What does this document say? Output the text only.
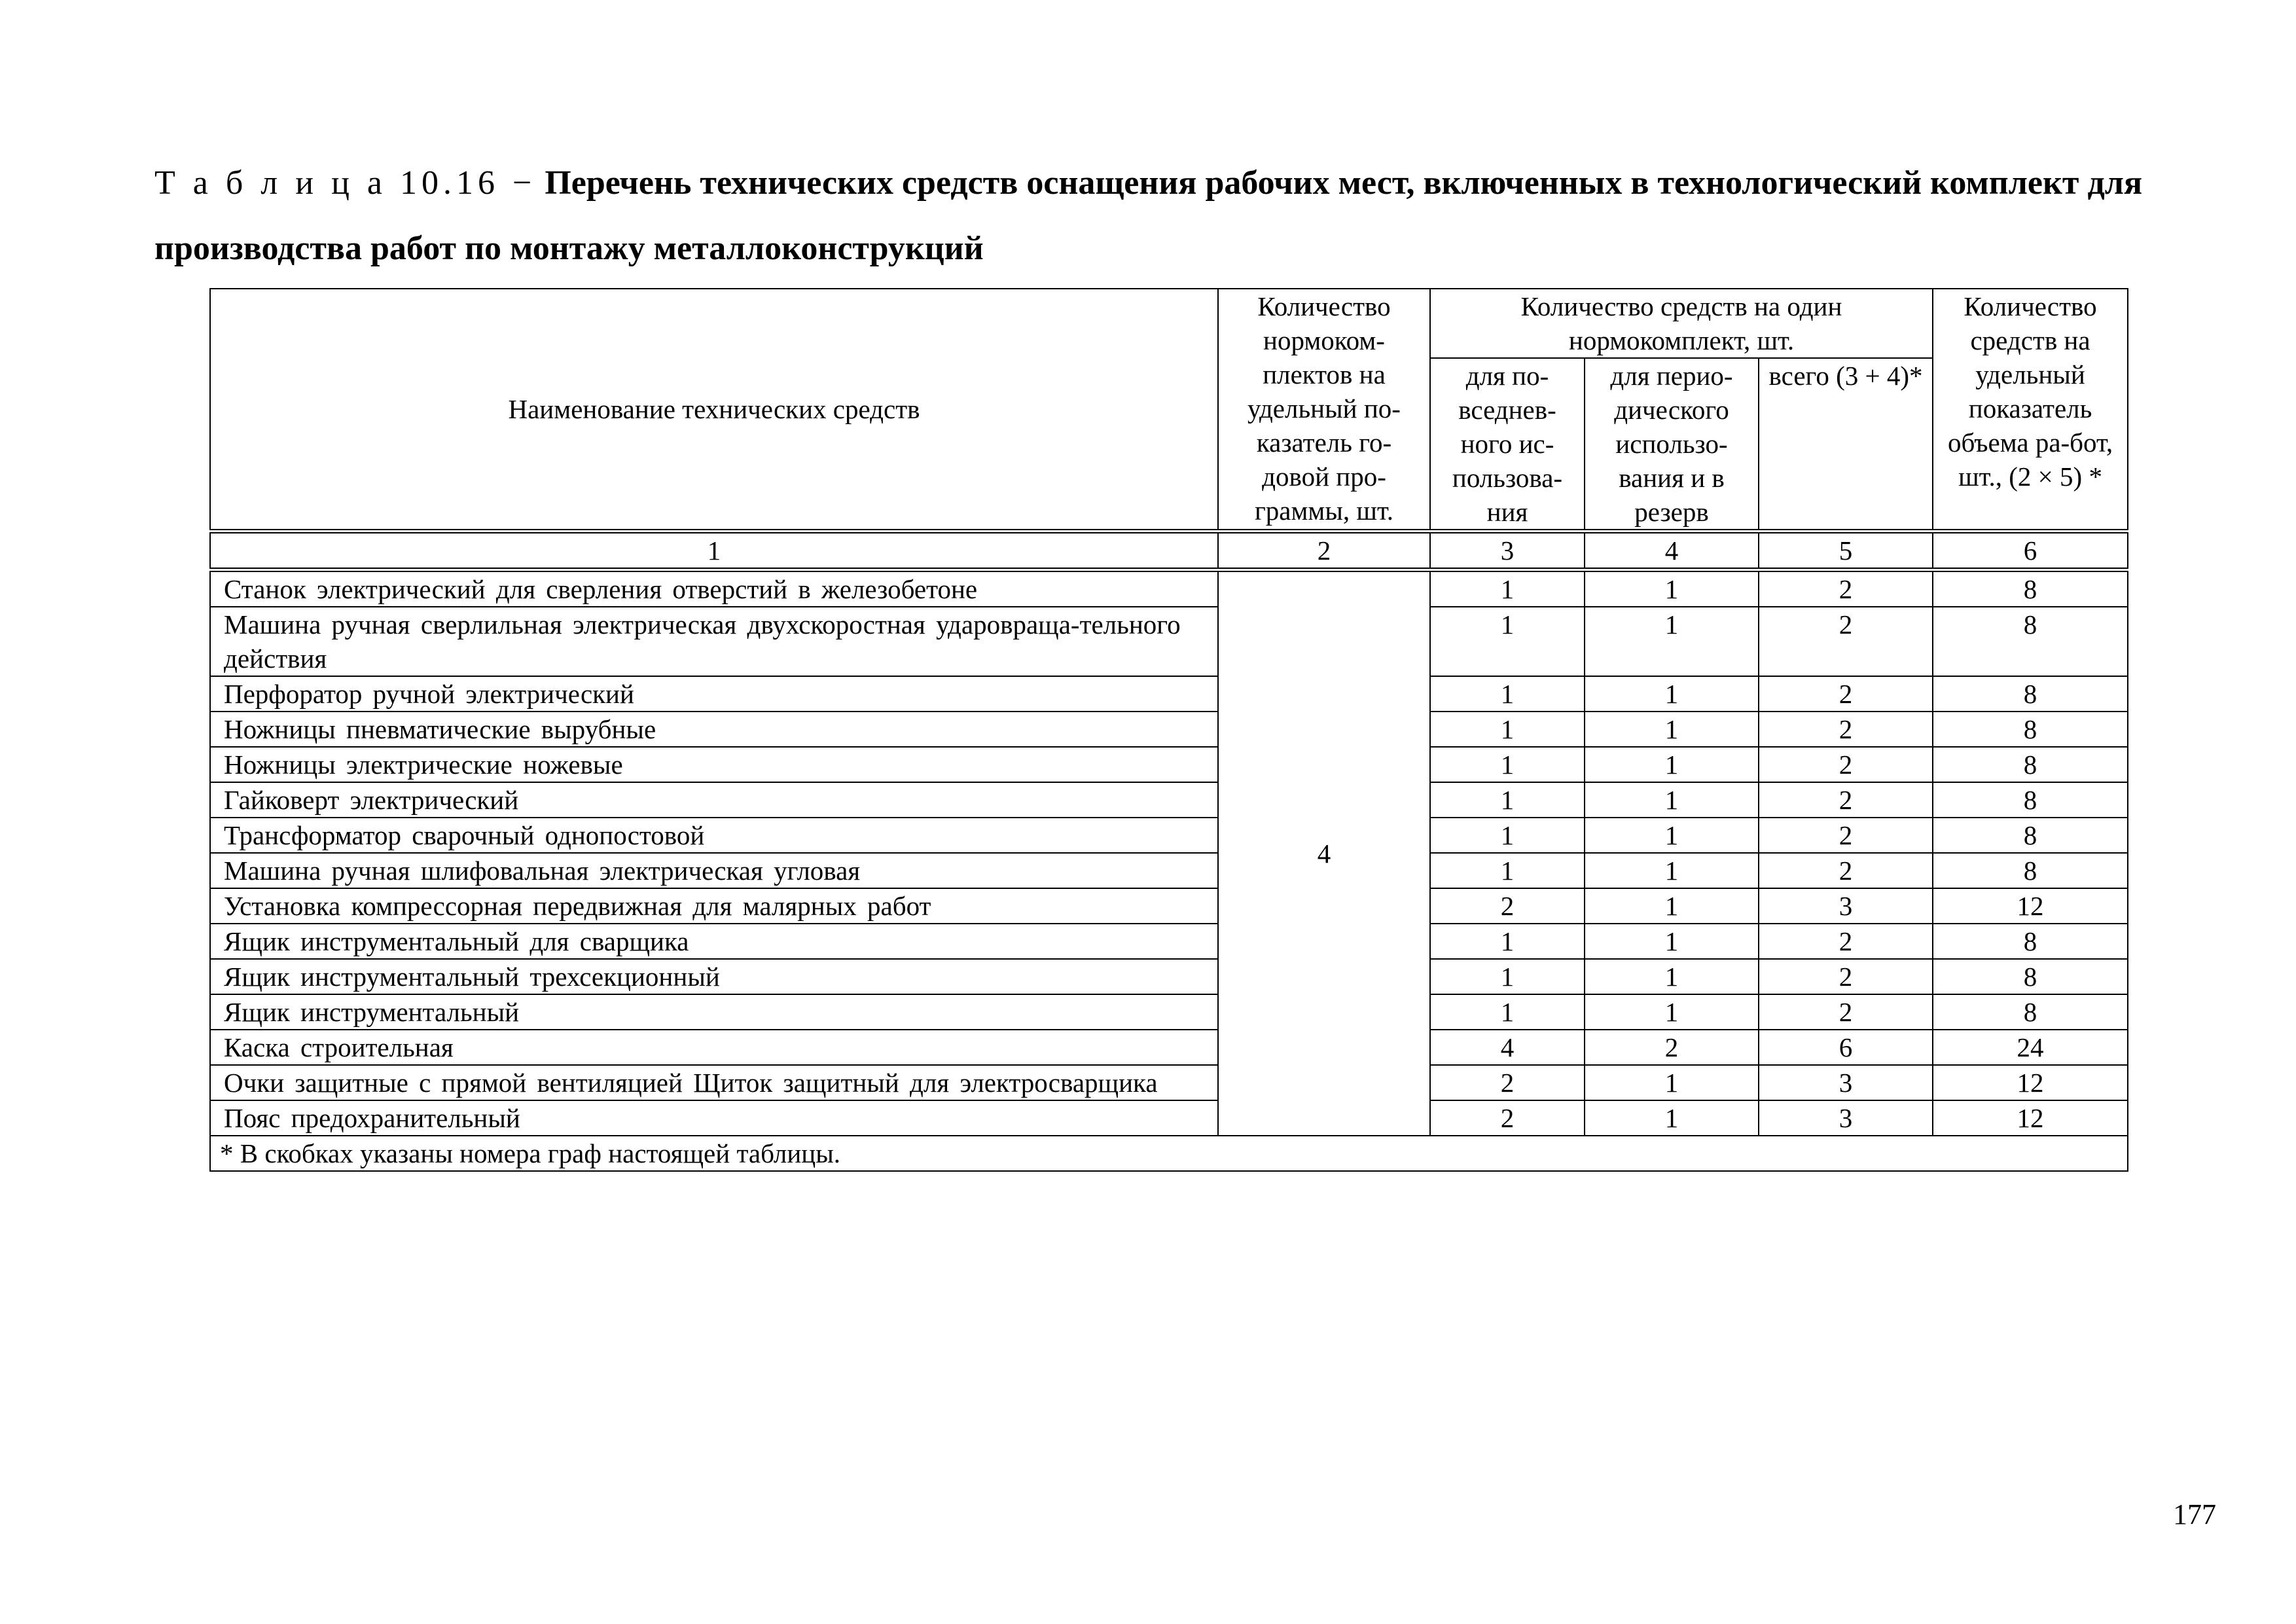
Т а б л и ц а 10.16 − Перечень технических средств оснащения рабочих мест, включенных в технологический комплект для производства работ по монтажу металлоконструкций
Наименование технических средств	Количество нормоком-плектов на удельный по-казатель го-довой про-граммы, шт.	Количество средств на один нормокомплект, шт.			Количество средств на удельный показатель объема ра-бот, шт., (2 × 5) *
		для по-вседнев-ного ис-пользова-ния	для перио-дического использо-вания и в резерв	всего (3 + 4)*	
1	2	3	4	5	6
Станок электрический для сверления отверстий в железобетоне	4	1	1	2	8
Машина ручная сверлильная электрическая двухскоростная ударовраща-тельного действия		1	1	2	8
Перфоратор ручной электрический		1	1	2	8
Ножницы пневматические вырубные		1	1	2	8
Ножницы электрические ножевые		1	1	2	8
Гайковерт электрический		1	1	2	8
Трансформатор сварочный однопостовой		1	1	2	8
Машина ручная шлифовальная электрическая угловая		1	1	2	8
Установка компрессорная передвижная для малярных работ		2	1	3	12
Ящик инструментальный для сварщика		1	1	2	8
Ящик инструментальный трехсекционный		1	1	2	8
Ящик инструментальный		1	1	2	8
Каска строительная		4	2	6	24
Очки защитные с прямой вентиляцией Щиток защитный для электросварщика		2	1	3	12
Пояс предохранительный		2	1	3	12
* В скобках указаны номера граф настоящей таблицы.					
177
